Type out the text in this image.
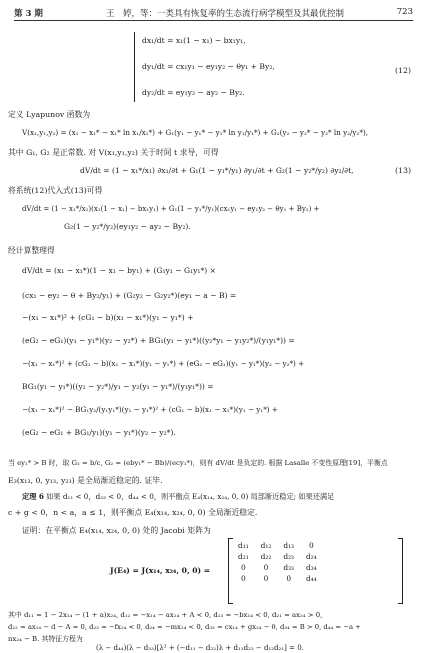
第 3 期	王　婷，等：一类具有恢复率的生态流行病学模型及其最优控制	723
dx₁/dt = x₁(1 − x₁) − bx₁y₁,
dy₁/dt = cx₁y₁ − ey₁y₂ − θy₁ + By₂,
dy₂/dt = ey₁y₂ − ay₂ − By₂.
(12)
定义 Lyapunov 函数为
V(x₁,y₁,y₂) = (x₁ − x₁* − x₁* ln x₁/x₁*) + G₁(y₁ − y₁* − y₁* ln y₁/y₁*) + G₂(y₂ − y₂* − y₂* ln y₂/y₂*),
其中 G₁, G₂ 是正常数. 对 V(x₁,y₁,y₂) 关于时间 t 求导，可得
dV/dt = (1 − x₁*/x₁) ∂x₁/∂t + G₁(1 − y₁*/y₁) ∂y₁/∂t + G₂(1 − y₂*/y₂) ∂y₂/∂t,	(13)
将系统(12)代入式(13)可得
dV/dt = (1 − x₁*/x₁)(x₁(1 − x₁) − bx₁y₁) + G₁(1 − y₁*/y₁)(cx₁y₁ − ey₁y₂ − θy₁ + By₂) +
G₂(1 − y₂*/y₂)(ey₁y₂ − ay₂ − By₂).
经计算整理得
dV/dt = (x₁ − x₁*)(1 − x₁ − by₁) + (G₁y₁ − G₁y₁*) ×
(cx₁ − ey₂ − θ + By₂/y₁) + (G₂y₂ − G₂y₂*)(ey₁ − a − B) =
−(x₁ − x₁*)² + (cG₁ − b)(x₁ − x₁*)(y₁ − y₁*) +
(eG₂ − eG₁)(y₁ − y₁*)(y₂ − y₂*) + BG₁(y₁ − y₁*)((y₂*y₁ − y₁y₂*)/(y₁y₁*)) =
−(x₁ − x₁*)² + (cG₁ − b)(x₁ − x₁*)(y₁ − y₁*) + (eG₂ − eG₁)(y₁ − y₁*)(y₂ − y₂*) +
BG₁(y₁ − y₁*)((y₂ − y₂*)/y₁ − y₂(y₁ − y₁*)/(y₁y₁*)) =
−(x₁ − x₁*)² − BG₁y₂/(y₁y₁*)(y₁ − y₁*)² + (cG₁ − b)(x₁ − x₁*)(y₁ − y₁*) +
(eG₂ − eG₁ + BG₁/y₁)(y₁ − y₁*)(y₂ − y₂*).
当 ey₁* > B 时，取 G₁ = b/c, G₂ = (eby₁* − Bb)/(ecy₁*)，则有 dV/dt 是负定的. 根据 Lasalle 不变性原理[19]，平衡点
E₃(x₁₃, 0, y₁₃, y₂₃) 是全局渐近稳定的. 证毕.
定理 6 如果 d₁₁ < 0，d₃₃ < 0，d₄₄ < 0，则平衡点 E₄(x₁₄, x₂₄, 0, 0) 局部渐近稳定; 如果还满足
c + g < 0，n < a，a ≤ 1，则平衡点 E₄(x₁₄, x₂₄, 0, 0) 全局渐近稳定.
证明：在平衡点 E₄(x₁₄, x₂₄, 0, 0) 处的 Jacobi 矩阵为
J(E₄) = J(x₁₄, x₂₄, 0, 0) =
d₁₁	d₁₂	d₁₃	0
d₂₁	d₂₂	d₂₃	d₂₄
0	0	d₃₃	d₃₄
0	0	0	d₄₄
其中 d₁₁ = 1 − 2x₁₄ − (1 + a)x₂₄, d₁₂ = −x₁₄ − ax₁₄ + A < 0, d₁₃ = −bx₁₄ < 0, d₂₁ = ax₂₄ > 0,
d₂₂ = ax₁₄ − d − A = 0, d₂₃ = −fx₂₄ < 0, d₂₄ = −mx₂₄ < 0, d₃₃ = cx₁₄ + gx₂₄ − θ, d₃₄ = B > 0, d₄₄ = −a +
nx₂₄ − B. 其特征方程为
(λ − d₄₄)(λ − d₃₃)[λ² + (−d₁₁ − d₂₂)λ + d₁₁d₂₂ − d₁₂d₂₁] = 0.
